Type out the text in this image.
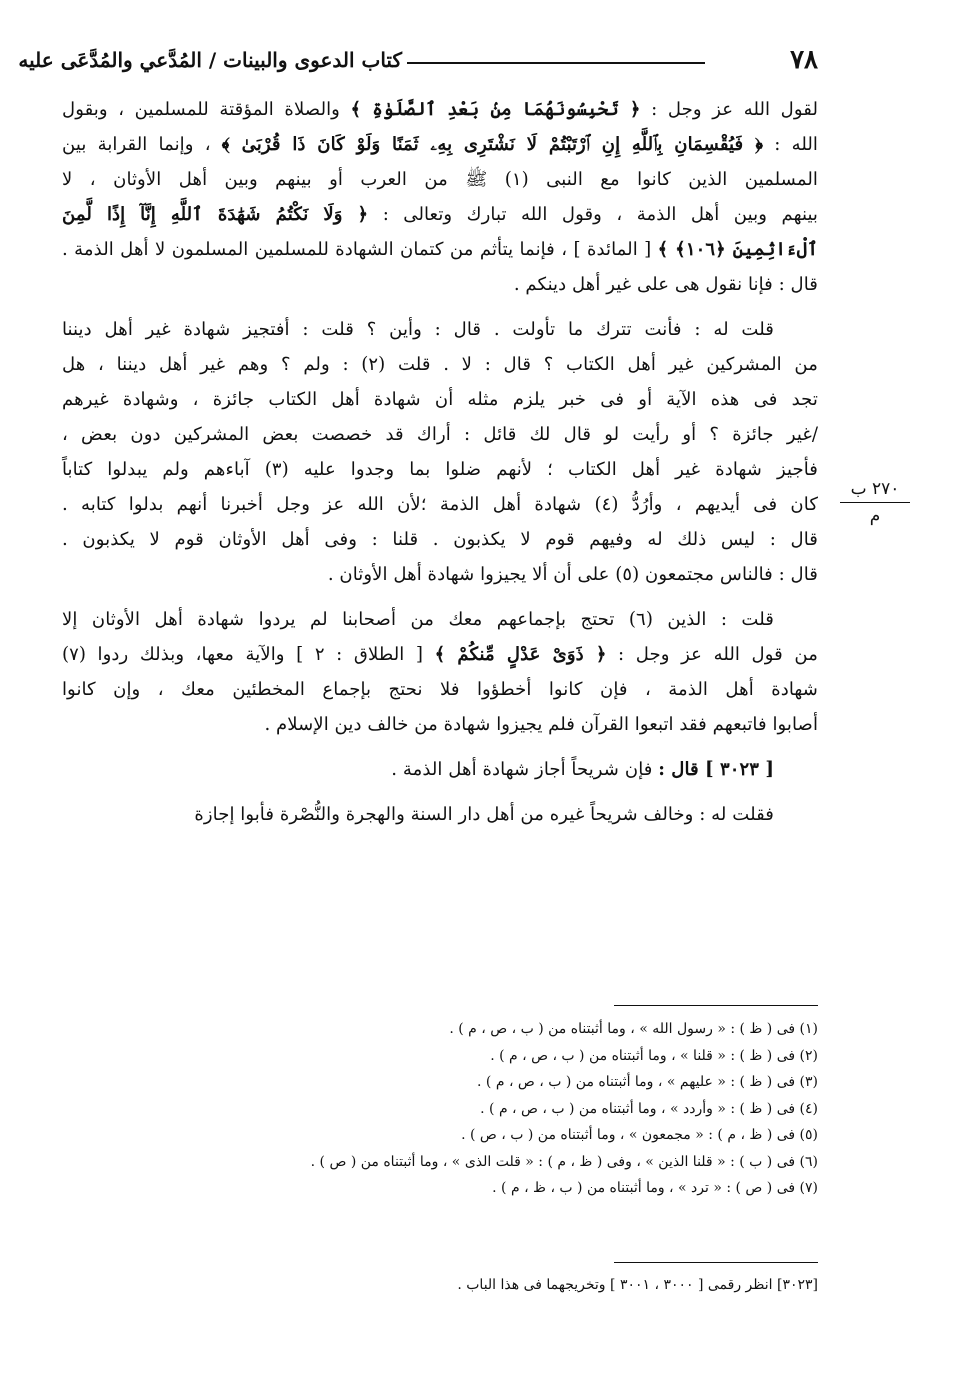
٧٨
كتاب الدعوى والبينات / المُدَّعي والمُدَّعَى عليه

لقول الله عز وجل : ﴿ تَحْبِسُونَهُمَا مِنۢ بَعْدِ ٱلصَّلَوٰةِ ﴾ والصلاة المؤقتة للمسلمين ، وبقول
الله : ﴿ فَيُقْسِمَانِ بِٱللَّهِ إِنِ ٱرْتَبْتُمْ لَا نَشْتَرِى بِهِۦ ثَمَنًا وَلَوْ كَانَ ذَا قُرْبَىٰ ﴾ ، وإنما القرابة بين
المسلمين الذين كانوا مع النبى (١) ﷺ من العرب أو بينهم وبين أهل الأوثان ، لا
بينهم وبين أهل الذمة ، وقول الله تبارك وتعالى : ﴿ وَلَا نَكْتُمُ شَهَٰدَةَ ٱللَّهِ إِنَّآ إِذًا لَّمِنَ
ٱلْءَاثِمِينَ ﴿١٠٦﴾ ﴾ [ المائدة ] ، فإنما يتأثم من كتمان الشهادة للمسلمين المسلمون لا أهل الذمة .
قال : فإنا نقول هى على غير أهل دينكم .

قلت له : فأنت تترك ما تأولت . قال : وأين ؟ قلت : أفتجيز شهادة غير أهل ديننا
من المشركين غير أهل الكتاب ؟ قال : لا . قلت (٢) : ولم ؟ وهم غير أهل ديننا ، هل
تجد فى هذه الآية أو فى خبر يلزم مثله أن شهادة أهل الكتاب جائزة ، وشهادة غيرهم
/غير جائزة ؟ أو رأيت لو قال لك قائل : أراك قد خصصت بعض المشركين دون بعض ،
فأجيز شهادة غير أهل الكتاب ؛ لأنهم ضلوا بما وجدوا عليه (٣) آباءهم ولم يبدلوا كتاباً
كان فى أيديهم ، وأرُدُّ (٤) شهادة أهل الذمة ؛لأن الله عز وجل أخبرنا أنهم بدلوا كتابه .
قال : ليس ذلك له وفيهم قوم لا يكذبون . قلنا : وفى أهل الأوثان قوم لا يكذبون .
قال : فالناس مجتمعون (٥) على أن ألا يجيزوا شهادة أهل الأوثان .

قلت : الذين (٦) تحتج بإجماعهم معك من أصحابنا لم يردوا شهادة أهل الأوثان إلا
من قول الله عز وجل : ﴿ ذَوَىْ عَدْلٍ مِّنكُمْ ﴾ [ الطلاق : ٢ ] والآية معها، وبذلك ردوا (٧)
شهادة أهل الذمة ، فإن كانوا أخطؤوا فلا نحتج بإجماع المخطئين معك ، وإن كانوا
أصابوا فاتبعهم فقد اتبعوا القرآن فلم يجيزوا شهادة من خالف دين الإسلام .

[ ٣٠٢٣ ] قال : فإن شريحاً أجاز شهادة أهل الذمة .

فقلت له : وخالف شريحاً غيره من أهل دار السنة والهجرة والنُّصْرة فأبوا إجازة

٢٧٠ ب
م
(١) فى ( ظ ) : « رسول الله » ، وما أثبتناه من ( ب ، ص ، م ) .
(٢) فى ( ظ ) : « قلنا » ، وما أثبتناه من ( ب ، ص ، م ) .
(٣) فى ( ظ ) : « عليهم » ، وما أثبتناه من ( ب ، ص ، م ) .
(٤) فى ( ظ ) : « وأردد » ، وما أثبتناه من ( ب ، ص ، م ) .
(٥) فى ( ظ ، م ) : « مجمعون » ، وما أثبتناه من ( ب ، ص ) .
(٦) فى ( ب ) : « قلنا الذين » ، وفى ( ظ ، م ) : « قلت الذى » ، وما أثبتناه من ( ص ) .
(٧) فى ( ص ) : « ترد » ، وما أثبتناه من ( ب ، ظ ، م ) .
[٣٠٢٣] انظر رقمى [ ٣٠٠٠ ، ٣٠٠١ ] وتخريجهما فى هذا الباب .
